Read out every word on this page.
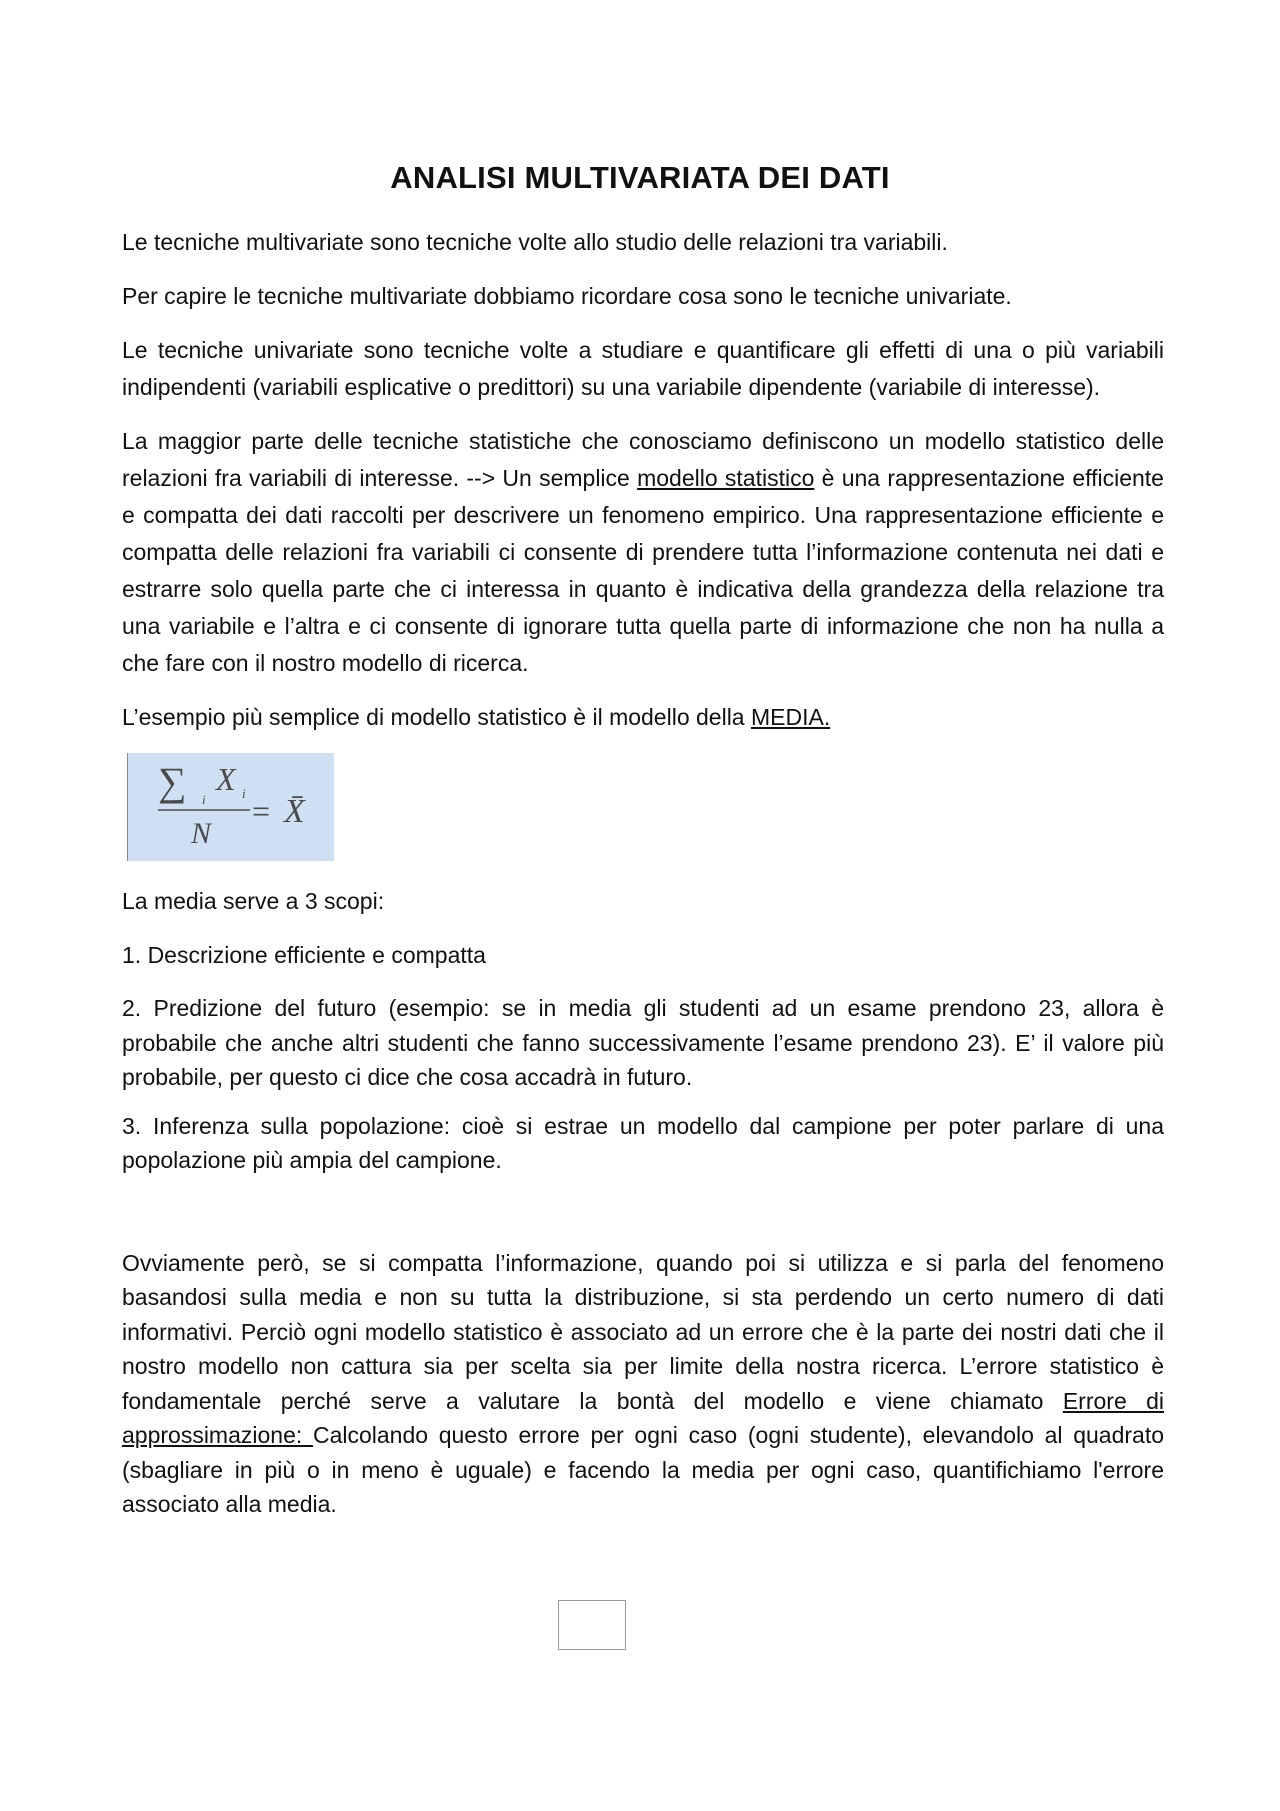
ANALISI MULTIVARIATA DEI DATI

Le tecniche multivariate sono tecniche volte allo studio delle relazioni tra variabili.

Per capire le tecniche multivariate dobbiamo ricordare cosa sono le tecniche univariate.

Le tecniche univariate sono tecniche volte a studiare e quantificare gli effetti di una o più variabili indipendenti (variabili esplicative o predittori) su una variabile dipendente (variabile di interesse).

La maggior parte delle tecniche statistiche che conosciamo definiscono un modello statistico delle relazioni fra variabili di interesse. --> Un semplice modello statistico è una rappresentazione efficiente e compatta dei dati raccolti per descrivere un fenomeno empirico. Una rappresentazione efficiente e compatta delle relazioni fra variabili ci consente di prendere tutta l’informazione contenuta nei dati e estrarre solo quella parte che ci interessa in quanto è indicativa della grandezza della relazione tra una variabile e l’altra e ci consente di ignorare tutta quella parte di informazione che non ha nulla a che fare con il nostro modello di ricerca.

L’esempio più semplice di modello statistico è il modello della MEDIA.

∑ i
X i
N
= X̄

La media serve a 3 scopi:

1. Descrizione efficiente e compatta

2. Predizione del futuro (esempio: se in media gli studenti ad un esame prendono 23, allora è probabile che anche altri studenti che fanno successivamente l’esame prendono 23). E’ il valore più probabile, per questo ci dice che cosa accadrà in futuro.

3. Inferenza sulla popolazione: cioè si estrae un modello dal campione per poter parlare di una popolazione più ampia del campione.

Ovviamente però, se si compatta l’informazione, quando poi si utilizza e si parla del fenomeno basandosi sulla media e non su tutta la distribuzione, si sta perdendo un certo numero di dati informativi. Perciò ogni modello statistico è associato ad un errore che è la parte dei nostri dati che il nostro modello non cattura sia per scelta sia per limite della nostra ricerca. L’errore statistico è fondamentale perché serve a valutare la bontà del modello e viene chiamato Errore di approssimazione: Calcolando questo errore per ogni caso (ogni studente), elevandolo al quadrato (sbagliare in più o in meno è uguale) e facendo la media per ogni caso, quantifichiamo l'errore associato alla media.
